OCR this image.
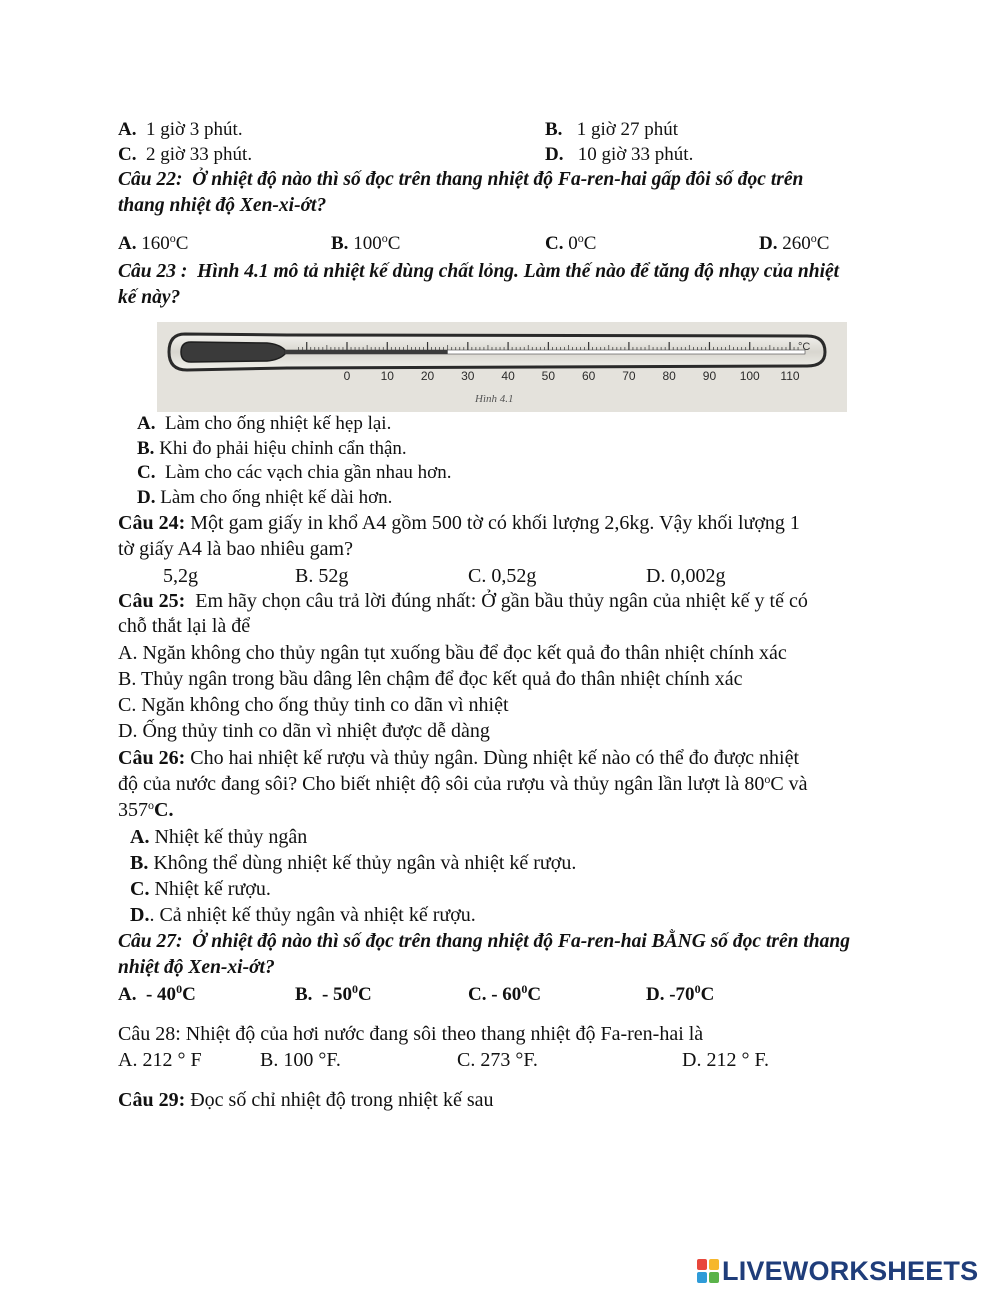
A. 1 giờ 3 phút.	B. 1 giờ 27 phút
C. 2 giờ 33 phút.	D. 10 giờ 33 phút.
Câu 22: Ở nhiệt độ nào thì số đọc trên thang nhiệt độ Fa-ren-hai gấp đôi số đọc trên
thang nhiệt độ Xen-xi-ớt?
A. 160$^o$C	B. 100$^o$C	C. 0$^o$C	D. 260$^o$C
Câu 23 : Hình 4.1 mô tả nhiệt kế dùng chất lỏng. Làm thế nào để tăng độ nhạy của nhiệt
kế này?
0	10 20 30 40 50 60 70 80 90 100 110
°C
Hình 4.1
A. Làm cho ống nhiệt kế hẹp lại.
B. Khi đo phải hiệu chỉnh cẩn thận.
C. Làm cho các vạch chia gần nhau hơn.
D. Làm cho ống nhiệt kế dài hơn.
Câu 24: Một gam giấy in khổ A4 gồm 500 tờ có khối lượng 2,6kg. Vậy khối lượng 1
tờ giấy A4 là bao nhiêu gam?
5,2g	B. 52g	C. 0,52g	D. 0,002g
Câu 25: Em hãy chọn câu trả lời đúng nhất: Ở gần bầu thủy ngân của nhiệt kế y tế có
chỗ thắt lại là để
A. Ngăn không cho thủy ngân tụt xuống bầu để đọc kết quả đo thân nhiệt chính xác
B. Thủy ngân trong bầu dâng lên chậm để đọc kết quả đo thân nhiệt chính xác
C. Ngăn không cho ống thủy tinh co dãn vì nhiệt
D. Ống thủy tinh co dãn vì nhiệt được dễ dàng
Câu 26: Cho hai nhiệt kế rượu và thủy ngân. Dùng nhiệt kế nào có thể đo được nhiệt
độ của nước đang sôi? Cho biết nhiệt độ sôi của rượu và thủy ngân lần lượt là 80$^o$C và
357$^o$C.
A. Nhiệt kế thủy ngân
B. Không thể dùng nhiệt kế thủy ngân và nhiệt kế rượu.
C. Nhiệt kế rượu.
D.. Cả nhiệt kế thủy ngân và nhiệt kế rượu.
Câu 27: Ở nhiệt độ nào thì số đọc trên thang nhiệt độ Fa-ren-hai BẰNG số đọc trên thang
nhiệt độ Xen-xi-ớt?
A. - $40^0C$	B. - $50^0C$	C. - $60^0C$	D. $-70^0C$
Câu 28: Nhiệt độ của hơi nước đang sôi theo thang nhiệt độ Fa-ren-hai là
A. 212 ° F	B. 100 °F.	C. 273 °F.	D. 212 ° F.
Câu 29: Đọc số chỉ nhiệt độ trong nhiệt kế sau
LIVEWORKSHEETS
